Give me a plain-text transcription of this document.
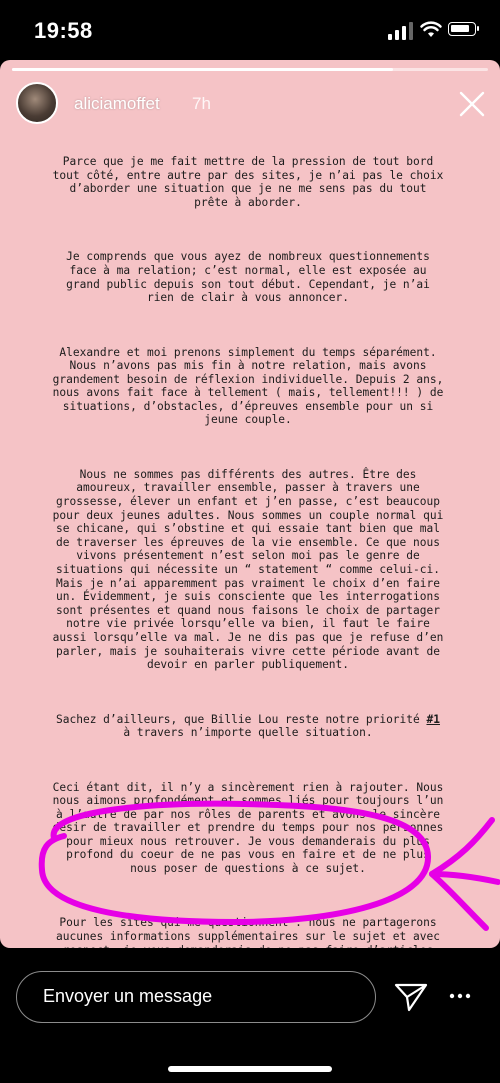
19:58
aliciamoffet 7h

Parce que je me fait mettre de la pression de tout bord tout côté, entre autre par des sites, je n’ai pas le choix d’aborder une situation que je ne me sens pas du tout prête à aborder.

Je comprends que vous ayez de nombreux questionnements face à ma relation; c’est normal, elle est exposée au grand public depuis son tout début. Cependant, je n’ai rien de clair à vous annoncer.

Alexandre et moi prenons simplement du temps séparément. Nous n’avons pas mis fin à notre relation, mais avons grandement besoin de réflexion individuelle. Depuis 2 ans, nous avons fait face à tellement ( mais, tellement!!! ) de situations, d’obstacles, d’épreuves ensemble pour un si jeune couple.

Nous ne sommes pas différents des autres. Être des amoureux, travailler ensemble, passer à travers une grossesse, élever un enfant et j’en passe, c’est beaucoup pour deux jeunes adultes. Nous sommes un couple normal qui se chicane, qui s’obstine et qui essaie tant bien que mal de traverser les épreuves de la vie ensemble. Ce que nous vivons présentement n’est selon moi pas le genre de situations qui nécessite un “ statement “ comme celui-ci. Mais je n’ai apparemment pas vraiment le choix d’en faire un. Évidemment, je suis consciente que les interrogations sont présentes et quand nous faisons le choix de partager notre vie privée lorsqu’elle va bien, il faut le faire aussi lorsqu’elle va mal. Je ne dis pas que je refuse d’en parler, mais je souhaiterais vivre cette période avant de devoir en parler publiquement.

Sachez d’ailleurs, que Billie Lou reste notre priorité #1 à travers n’importe quelle situation.

Ceci étant dit, il n’y a sincèrement rien à rajouter. Nous nous aimons profondément et sommes liés pour toujours l’un à l’autre de par nos rôles de parents et avons le sincère désir de travailler et prendre du temps pour nos personnes pour mieux nous retrouver. Je vous demanderais du plus profond du coeur de ne pas vous en faire et de ne plus nous poser de questions à ce sujet.

Pour les sites qui me questionnent : nous ne partagerons aucunes informations supplémentaires sur le sujet et avec

Envoyer un message
